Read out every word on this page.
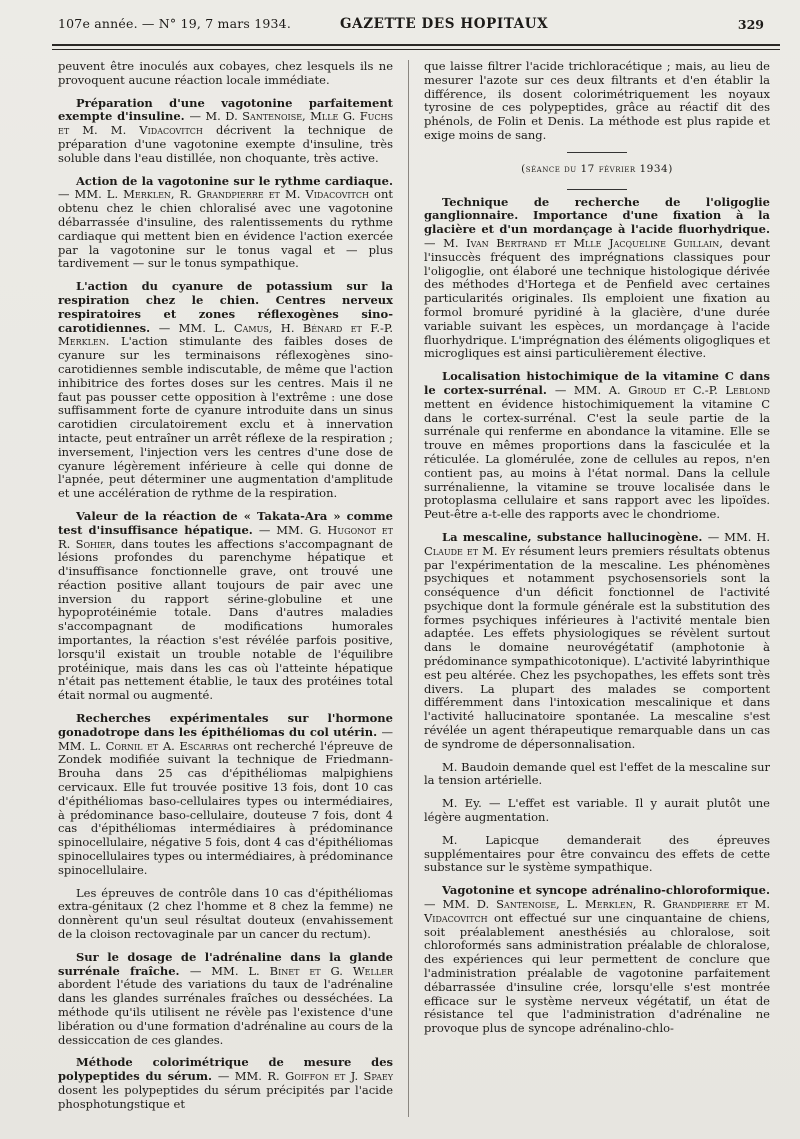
107e année. — N° 19, 7 mars 1934.	GAZETTE DES HOPITAUX	329

peuvent être inoculés aux cobayes, chez lesquels ils ne provoquent aucune réaction locale immédiate.

Préparation d'une vagotonine parfaitement exempte d'insuline. — M. D. Santenoise, Mlle G. Fuchs et M. M. Vidacovitch décrivent la technique de préparation d'une vagotonine exempte d'insuline, très soluble dans l'eau distillée, non choquante, très active.

Action de la vagotonine sur le rythme cardiaque. — MM. L. Merklen, R. Grandpierre et M. Vidacovitch ont obtenu chez le chien chloralisé avec une vagotonine débarrassée d'insuline, des ralentissements du rythme cardiaque qui mettent bien en évidence l'action exercée par la vagotonine sur le tonus vagal et — plus tardivement — sur le tonus sympathique.

L'action du cyanure de potassium sur la respiration chez le chien. Centres nerveux respiratoires et zones réflexogènes sino-carotidiennes. — MM. L. Camus, H. Bénard et F.-P. Merklen. L'action stimulante des faibles doses de cyanure sur les terminaisons réflexogènes sino-carotidiennes semble indiscutable, de même que l'action inhibitrice des fortes doses sur les centres. Mais il ne faut pas pousser cette opposition à l'extrême : une dose suffisamment forte de cyanure introduite dans un sinus carotidien circulatoirement exclu et à innervation intacte, peut entraîner un arrêt réflexe de la respiration ; inversement, l'injection vers les centres d'une dose de cyanure légèrement inférieure à celle qui donne de l'apnée, peut déterminer une augmentation d'amplitude et une accélération de rythme de la respiration.

Valeur de la réaction de « Takata-Ara » comme test d'insuffisance hépatique. — MM. G. Hugonot et R. Sohier, dans toutes les affections s'accompagnant de lésions profondes du parenchyme hépatique et d'insuffisance fonctionnelle grave, ont trouvé une réaction positive allant toujours de pair avec une inversion du rapport sérine-globuline et une hypoprotéinémie totale. Dans d'autres maladies s'accompagnant de modifications humorales importantes, la réaction s'est révélée parfois positive, lorsqu'il existait un trouble notable de l'équilibre protéinique, mais dans les cas où l'atteinte hépatique n'était pas nettement établie, le taux des protéines total était normal ou augmenté.

Recherches expérimentales sur l'hormone gonadotrope dans les épithéliomas du col utérin. — MM. L. Cornil et A. Escarras ont recherché l'épreuve de Zondek modifiée suivant la technique de Friedmann-Brouha dans 25 cas d'épithéliomas malpighiens cervicaux. Elle fut trouvée positive 13 fois, dont 10 cas d'épithéliomas baso-cellulaires types ou intermédiaires, à prédominance baso-cellulaire, douteuse 7 fois, dont 4 cas d'épithéliomas intermédiaires à prédominance spinocellulaire, négative 5 fois, dont 4 cas d'épithéliomas spinocellulaires types ou intermédiaires, à prédominance spinocellulaire.

Les épreuves de contrôle dans 10 cas d'épithéliomas extra-génitaux (2 chez l'homme et 8 chez la femme) ne donnèrent qu'un seul résultat douteux (envahissement de la cloison rectovaginale par un cancer du rectum).

Sur le dosage de l'adrénaline dans la glande surrénale fraîche. — MM. L. Binet et G. Weller abordent l'étude des variations du taux de l'adrénaline dans les glandes surrénales fraîches ou desséchées. La méthode qu'ils utilisent ne révèle pas l'existence d'une libération ou d'une formation d'adrénaline au cours de la dessiccation de ces glandes.

Méthode colorimétrique de mesure des polypeptides du sérum. — MM. R. Goiffon et J. Spaey dosent les polypeptides du sérum précipités par l'acide phosphotungstique et

que laisse filtrer l'acide trichloracétique ; mais, au lieu de mesurer l'azote sur ces deux filtrants et d'en établir la différence, ils dosent colorimétriquement les noyaux tyrosine de ces polypeptides, grâce au réactif dit des phénols, de Folin et Denis. La méthode est plus rapide et exige moins de sang.

(séance du 17 février 1934)

Technique de recherche de l'oligoglie ganglionnaire. Importance d'une fixation à la glacière et d'un mordançage à l'acide fluorhydrique. — M. Ivan Bertrand et Mlle Jacqueline Guillain, devant l'insuccès fréquent des imprégnations classiques pour l'oligoglie, ont élaboré une technique histologique dérivée des méthodes d'Hortega et de Penfield avec certaines particularités originales. Ils emploient une fixation au formol bromuré pyridiné à la glacière, d'une durée variable suivant les espèces, un mordançage à l'acide fluorhydrique. L'imprégnation des éléments oligogliques et microgliques est ainsi particulièrement élective.

Localisation histochimique de la vitamine C dans le cortex-surrénal. — MM. A. Giroud et C.-P. Leblond mettent en évidence histochimiquement la vitamine C dans le cortex-surrénal. C'est la seule partie de la surrénale qui renferme en abondance la vitamine. Elle se trouve en mêmes proportions dans la fasciculée et la réticulée. La glomérulée, zone de cellules au repos, n'en contient pas, au moins à l'état normal. Dans la cellule surrénalienne, la vitamine se trouve localisée dans le protoplasma cellulaire et sans rapport avec les lipoïdes. Peut-être a-t-elle des rapports avec le chondriome.

La mescaline, substance hallucinogène. — MM. H. Claude et M. Ey résument leurs premiers résultats obtenus par l'expérimentation de la mescaline. Les phénomènes psychiques et notamment psychosensoriels sont la conséquence d'un déficit fonctionnel de l'activité psychique dont la formule générale est la substitution des formes psychiques inférieures à l'activité mentale bien adaptée. Les effets physiologiques se révèlent surtout dans le domaine neurovégétatif (amphotonie à prédominance sympathicotonique). L'activité labyrinthique est peu altérée. Chez les psychopathes, les effets sont très divers. La plupart des malades se comportent différemment dans l'intoxication mescalinique et dans l'activité hallucinatoire spontanée. La mescaline s'est révélée un agent thérapeutique remarquable dans un cas de syndrome de dépersonnalisation.

M. Baudoin demande quel est l'effet de la mescaline sur la tension artérielle.

M. Ey. — L'effet est variable. Il y aurait plutôt une légère augmentation.

M. Lapicque demanderait des épreuves supplémentaires pour être convaincu des effets de cette substance sur le système sympathique.

Vagotonine et syncope adrénalino-chloroformique. — MM. D. Santenoise, L. Merklen, R. Grandpierre et M. Vidacovitch ont effectué sur une cinquantaine de chiens, soit préalablement anesthésiés au chloralose, soit chloroformés sans administration préalable de chloralose, des expériences qui leur permettent de conclure que l'administration préalable de vagotonine parfaitement débarrassée d'insuline crée, lorsqu'elle s'est montrée efficace sur le système nerveux végétatif, un état de résistance tel que l'administration d'adrénaline ne provoque plus de syncope adrénalino-chlo-
